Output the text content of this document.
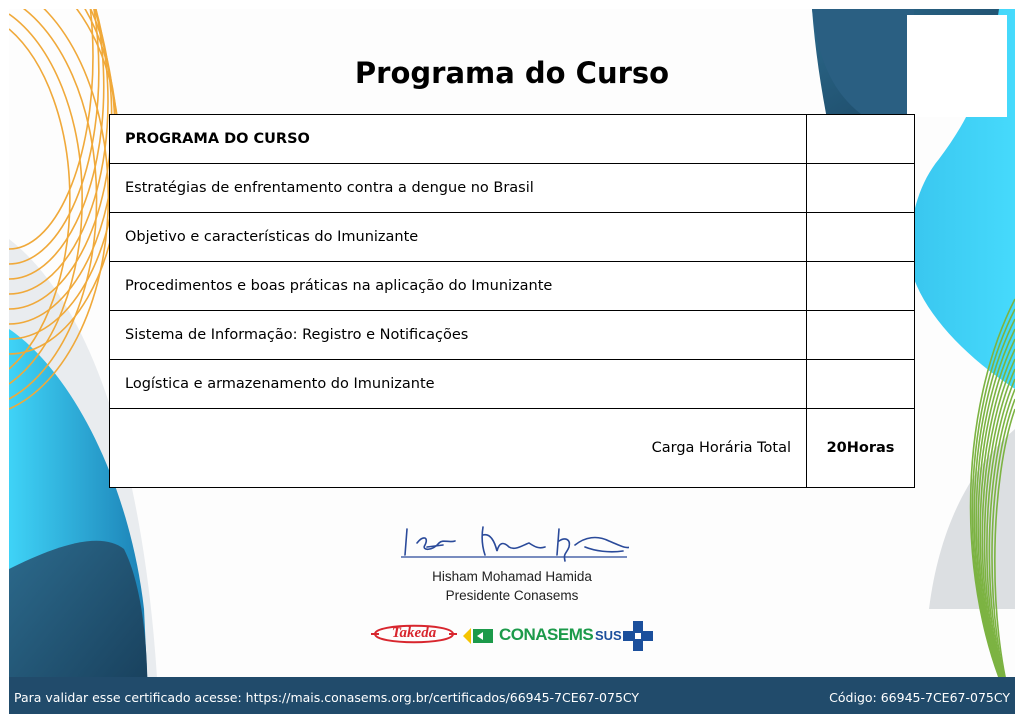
Programa do Curso
PROGRAMA DO CURSO	
Estratégias de enfrentamento contra a dengue no Brasil	
Objetivo e características do Imunizante	
Procedimentos e boas práticas na aplicação do Imunizante	
Sistema de Informação: Registro e Notificações	
Logística e armazenamento do Imunizante	
Carga Horária Total	20Horas
Hisham Mohamad Hamida
Presidente Conasems
Takeda	CONASEMS SUS
Para validar esse certificado acesse: https://mais.conasems.org.br/certificados/66945-7CE67-075CY	Código: 66945-7CE67-075CY
